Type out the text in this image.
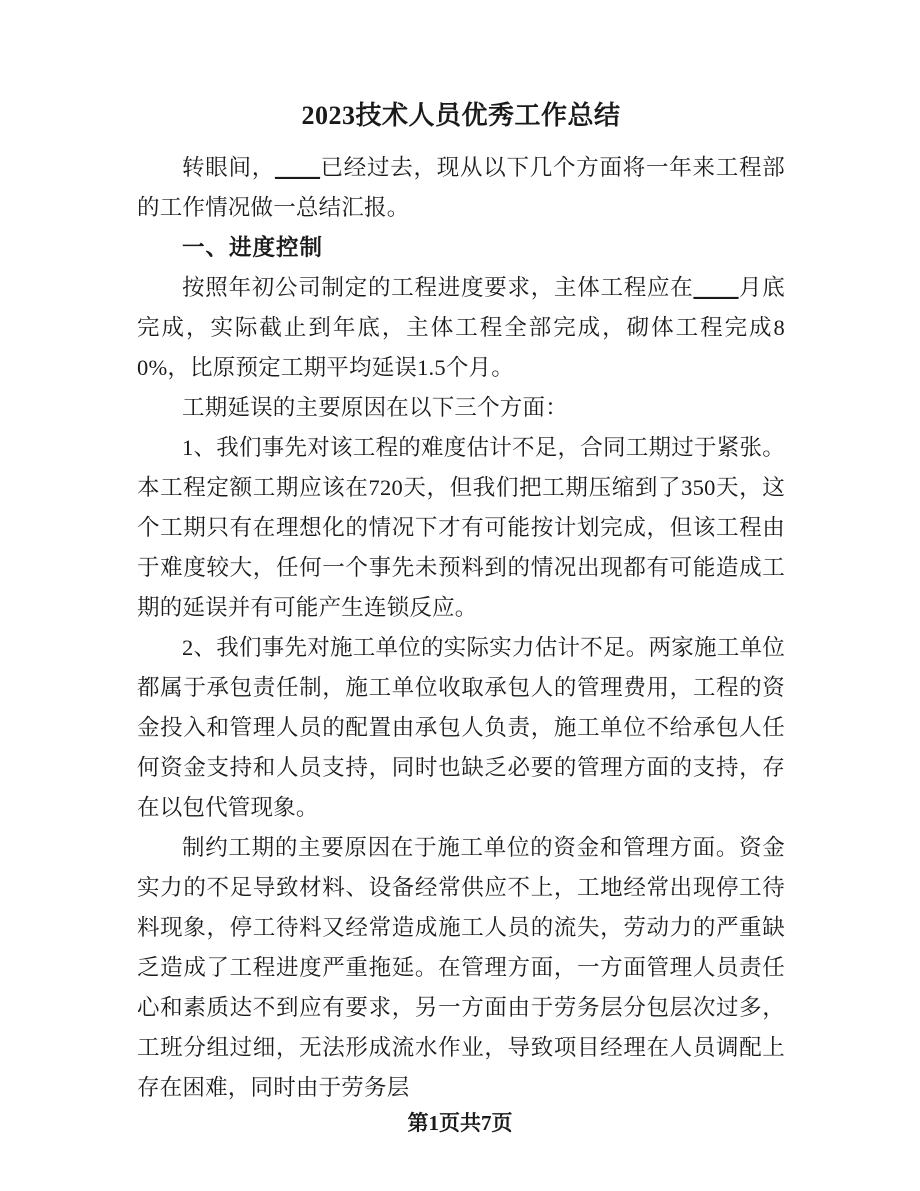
2023技术人员优秀工作总结

转眼间，____已经过去，现从以下几个方面将一年来工程部的工作情况做一总结汇报。

一、进度控制

按照年初公司制定的工程进度要求，主体工程应在____月底完成，实际截止到年底，主体工程全部完成，砌体工程完成80%，比原预定工期平均延误1.5个月。

工期延误的主要原因在以下三个方面：

1、我们事先对该工程的难度估计不足，合同工期过于紧张。本工程定额工期应该在720天，但我们把工期压缩到了350天，这个工期只有在理想化的情况下才有可能按计划完成，但该工程由于难度较大，任何一个事先未预料到的情况出现都有可能造成工期的延误并有可能产生连锁反应。

2、我们事先对施工单位的实际实力估计不足。两家施工单位都属于承包责任制，施工单位收取承包人的管理费用，工程的资金投入和管理人员的配置由承包人负责，施工单位不给承包人任何资金支持和人员支持，同时也缺乏必要的管理方面的支持，存在以包代管现象。

制约工期的主要原因在于施工单位的资金和管理方面。资金实力的不足导致材料、设备经常供应不上，工地经常出现停工待料现象，停工待料又经常造成施工人员的流失，劳动力的严重缺乏造成了工程进度严重拖延。在管理方面，一方面管理人员责任心和素质达不到应有要求，另一方面由于劳务层分包层次过多，工班分组过细，无法形成流水作业，导致项目经理在人员调配上存在困难，同时由于劳务层

第1页共7页
